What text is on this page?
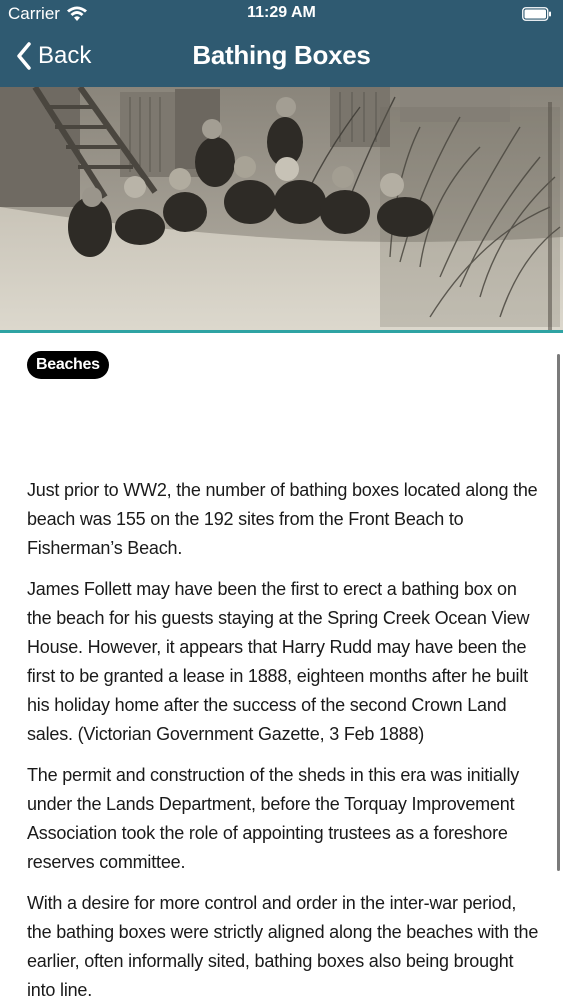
Carrier	11:29 AM
Back	Bathing Boxes
Beaches

Just prior to WW2, the number of bathing boxes located along the beach was 155 on the 192 sites from the Front Beach to Fisherman’s Beach.

James Follett may have been the first to erect a bathing box on the beach for his guests staying at the Spring Creek Ocean View House. However, it appears that Harry Rudd may have been the first to be granted a lease in 1888, eighteen months after he built his holiday home after the success of the second Crown Land sales. (Victorian Government Gazette, 3 Feb 1888)

The permit and construction of the sheds in this era was initially under the Lands Department, before the Torquay Improvement Association took the role of appointing trustees as a foreshore reserves committee.

With a desire for more control and order in the inter-war period, the bathing boxes were strictly aligned along the beaches with the earlier, often informally sited, bathing boxes also being brought into line.
